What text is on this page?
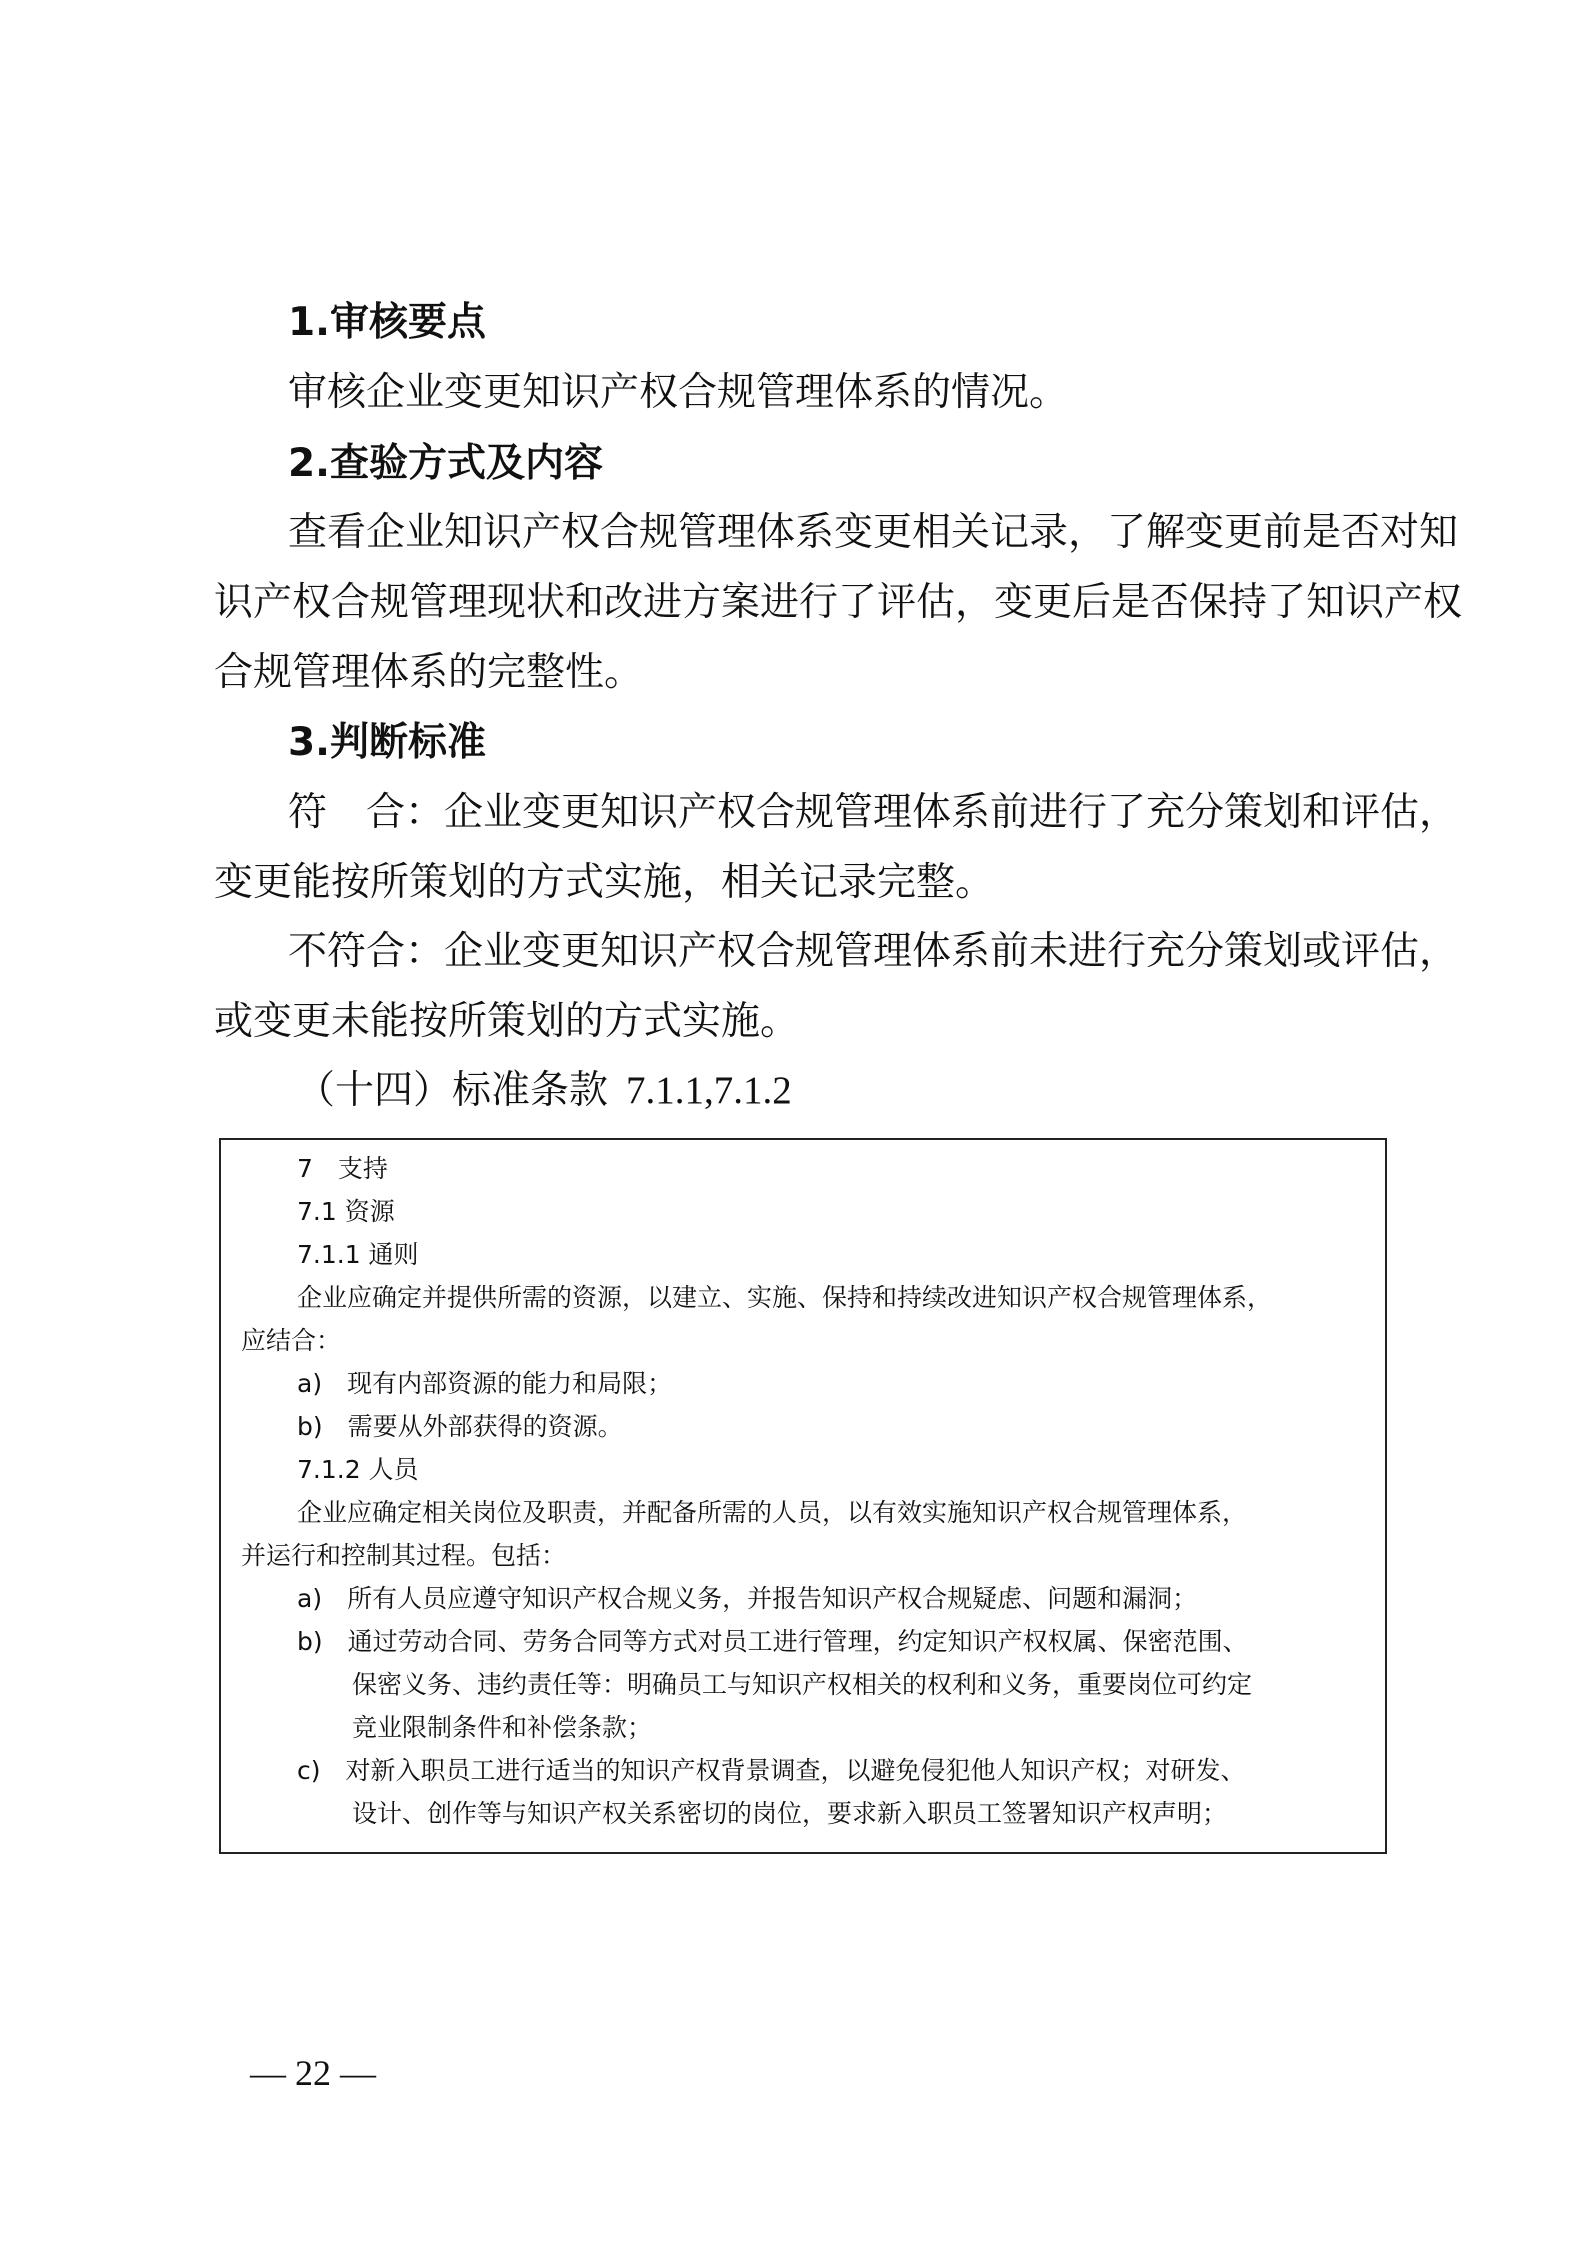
1.审核要点
审核企业变更知识产权合规管理体系的情况。
2.查验方式及内容
查看企业知识产权合规管理体系变更相关记录，了解变更前是否对知
识产权合规管理现状和改进方案进行了评估，变更后是否保持了知识产权
合规管理体系的完整性。
3.判断标准
符　合：企业变更知识产权合规管理体系前进行了充分策划和评估，
变更能按所策划的方式实施，相关记录完整。
不符合：企业变更知识产权合规管理体系前未进行充分策划或评估，
或变更未能按所策划的方式实施。
（十四）标准条款 7.1.1,7.1.2
7　支持
7.1 资源
7.1.1 通则
企业应确定并提供所需的资源，以建立、实施、保持和持续改进知识产权合规管理体系，
应结合：
a)　现有内部资源的能力和局限；
b)　需要从外部获得的资源。
7.1.2 人员
企业应确定相关岗位及职责，并配备所需的人员，以有效实施知识产权合规管理体系，
并运行和控制其过程。包括：
a)　所有人员应遵守知识产权合规义务，并报告知识产权合规疑虑、问题和漏洞；
b)　通过劳动合同、劳务合同等方式对员工进行管理，约定知识产权权属、保密范围、
保密义务、违约责任等：明确员工与知识产权相关的权利和义务，重要岗位可约定
竞业限制条件和补偿条款；
c)　对新入职员工进行适当的知识产权背景调查，以避免侵犯他人知识产权；对研发、
设计、创作等与知识产权关系密切的岗位，要求新入职员工签署知识产权声明；
— 22 —
